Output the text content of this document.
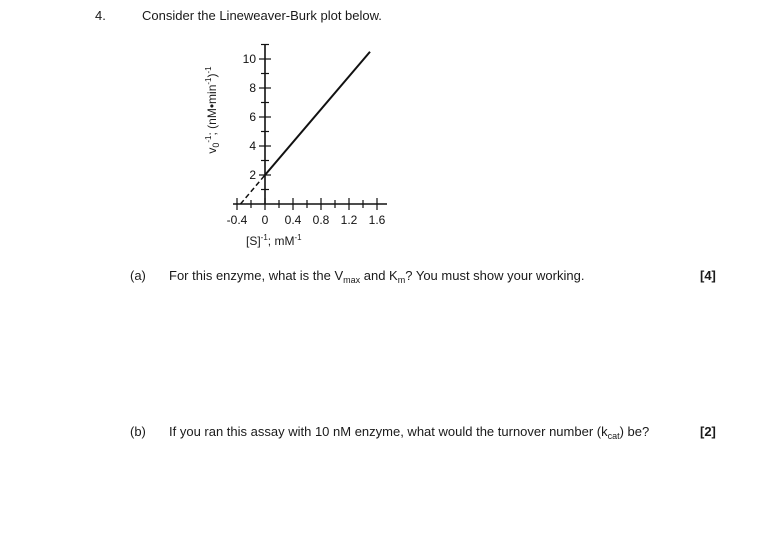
4.	Consider the Lineweaver-Burk plot below.
-0.4 0 0.4 0.8 1.2 1.6
2
4
6
8
10
$v_0^{-1}$; $(nM•\min^{-1})^{-1}$
$[S]^{-1}$; $mM^{-1}$
(a) For this enzyme, what is the $V_{max}$ and $K_m$? You must show your working.	[4]
(b) If you ran this assay with 10 nM enzyme, what would the turnover number $(k_{cat})$ be?	[2]
